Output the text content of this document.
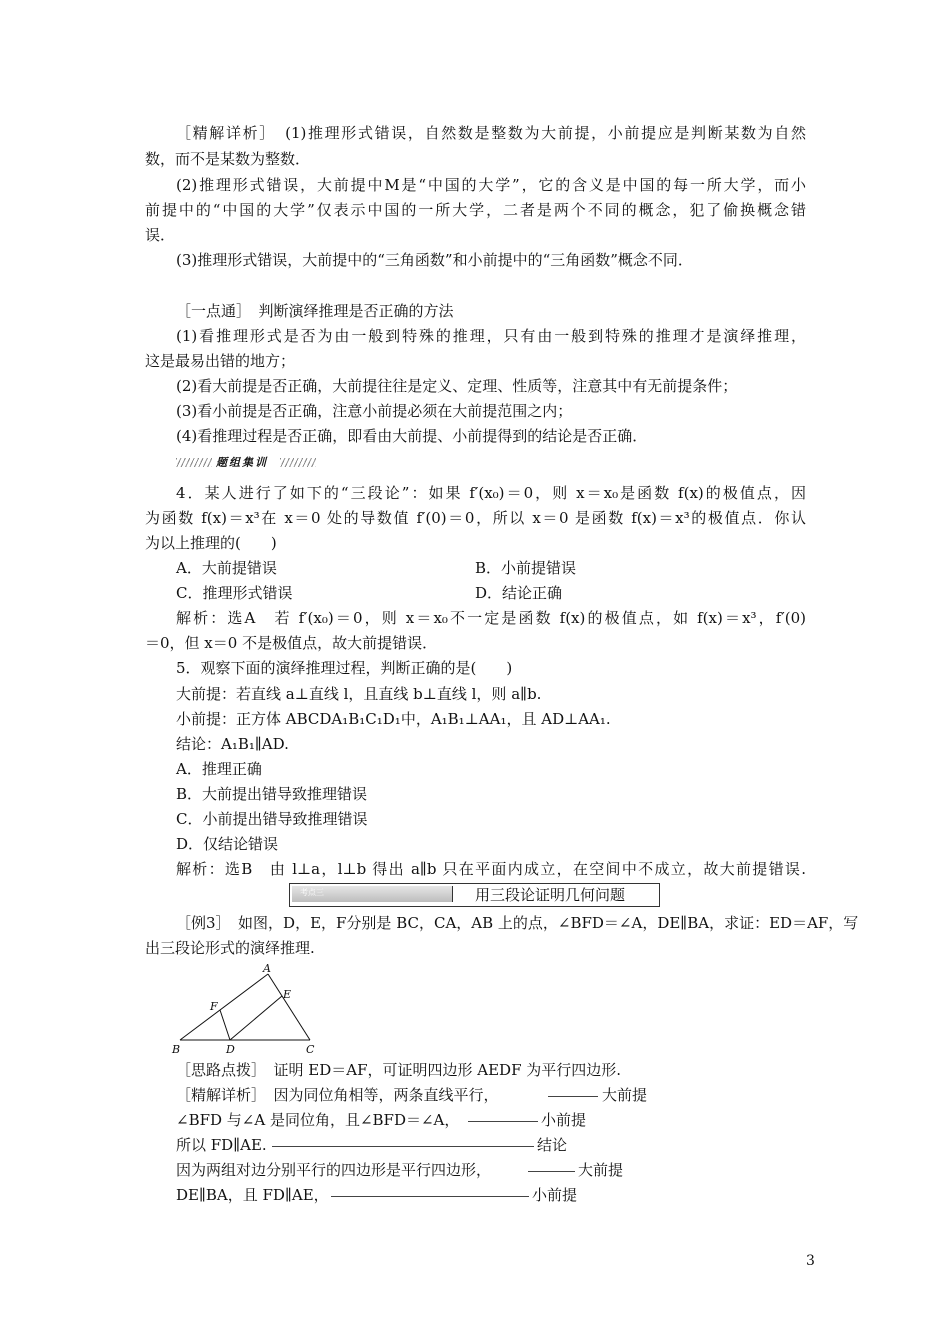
［精解详析］　(1)推理形式错误，自然数是整数为大前提，小前提应是判断某数为自然
数，而不是某数为整数．
(2)推理形式错误，大前提中M是“中国的大学”，它的含义是中国的每一所大学，而小
前提中的“中国的大学”仅表示中国的一所大学，二者是两个不同的概念，犯了偷换概念错
误．
(3)推理形式错误，大前提中的“三角函数”和小前提中的“三角函数”概念不同．
［一点通］　判断演绎推理是否正确的方法
(1)看推理形式是否为由一般到特殊的推理，只有由一般到特殊的推理才是演绎推理，
这是最易出错的地方；
(2)看大前提是否正确，大前提往往是定义、定理、性质等，注意其中有无前提条件；
(3)看小前提是否正确，注意小前提必须在大前提范围之内；
(4)看推理过程是否正确，即看由大前提、小前提得到的结论是否正确．
题组集训
4．某人进行了如下的“三段论”：如果 f′(x₀)＝0，则 x＝x₀是函数 f(x)的极值点，因
为函数 f(x)＝x³在 x＝0 处的导数值 f′(0)＝0，所以 x＝0 是函数 f(x)＝x³的极值点．你认
为以上推理的(　　)
A．大前提错误	B．小前提错误
C．推理形式错误	D．结论正确
解析：选A　若 f′(x₀)＝0，则 x＝x₀不一定是函数 f(x)的极值点，如 f(x)＝x³，f′(0)
＝0，但 x＝0 不是极值点，故大前提错误．
5．观察下面的演绎推理过程，判断正确的是(　　)
大前提：若直线 a⊥直线 l，且直线 b⊥直线 l，则 a∥b.
小前提：正方体 ABCDA₁B₁C₁D₁中，A₁B₁⊥AA₁，且 AD⊥AA₁.
结论：A₁B₁∥AD.
A．推理正确
B．大前提出错导致推理错误
C．小前提出错导致推理错误
D．仅结论错误
解析：选B　由 l⊥a，l⊥b 得出 a∥b 只在平面内成立，在空间中不成立，故大前提错误.
考点三	用三段论证明几何问题
［例3］　如图，D，E，F分别是 BC，CA，AB 上的点，∠BFD＝∠A，DE∥BA，求证：ED＝AF，写
出三段论形式的演绎推理.
A
B	C
D
E
F
［思路点拨］　证明 ED＝AF，可证明四边形 AEDF 为平行四边形.
［精解详析］　因为同位角相等，两条直线平行，	大前提
∠BFD 与∠A 是同位角，且∠BFD＝∠A，	小前提
所以 FD∥AE.	结论
因为两组对边分别平行的四边形是平行四边形，	大前提
DE∥BA，且 FD∥AE，	小前提
3
